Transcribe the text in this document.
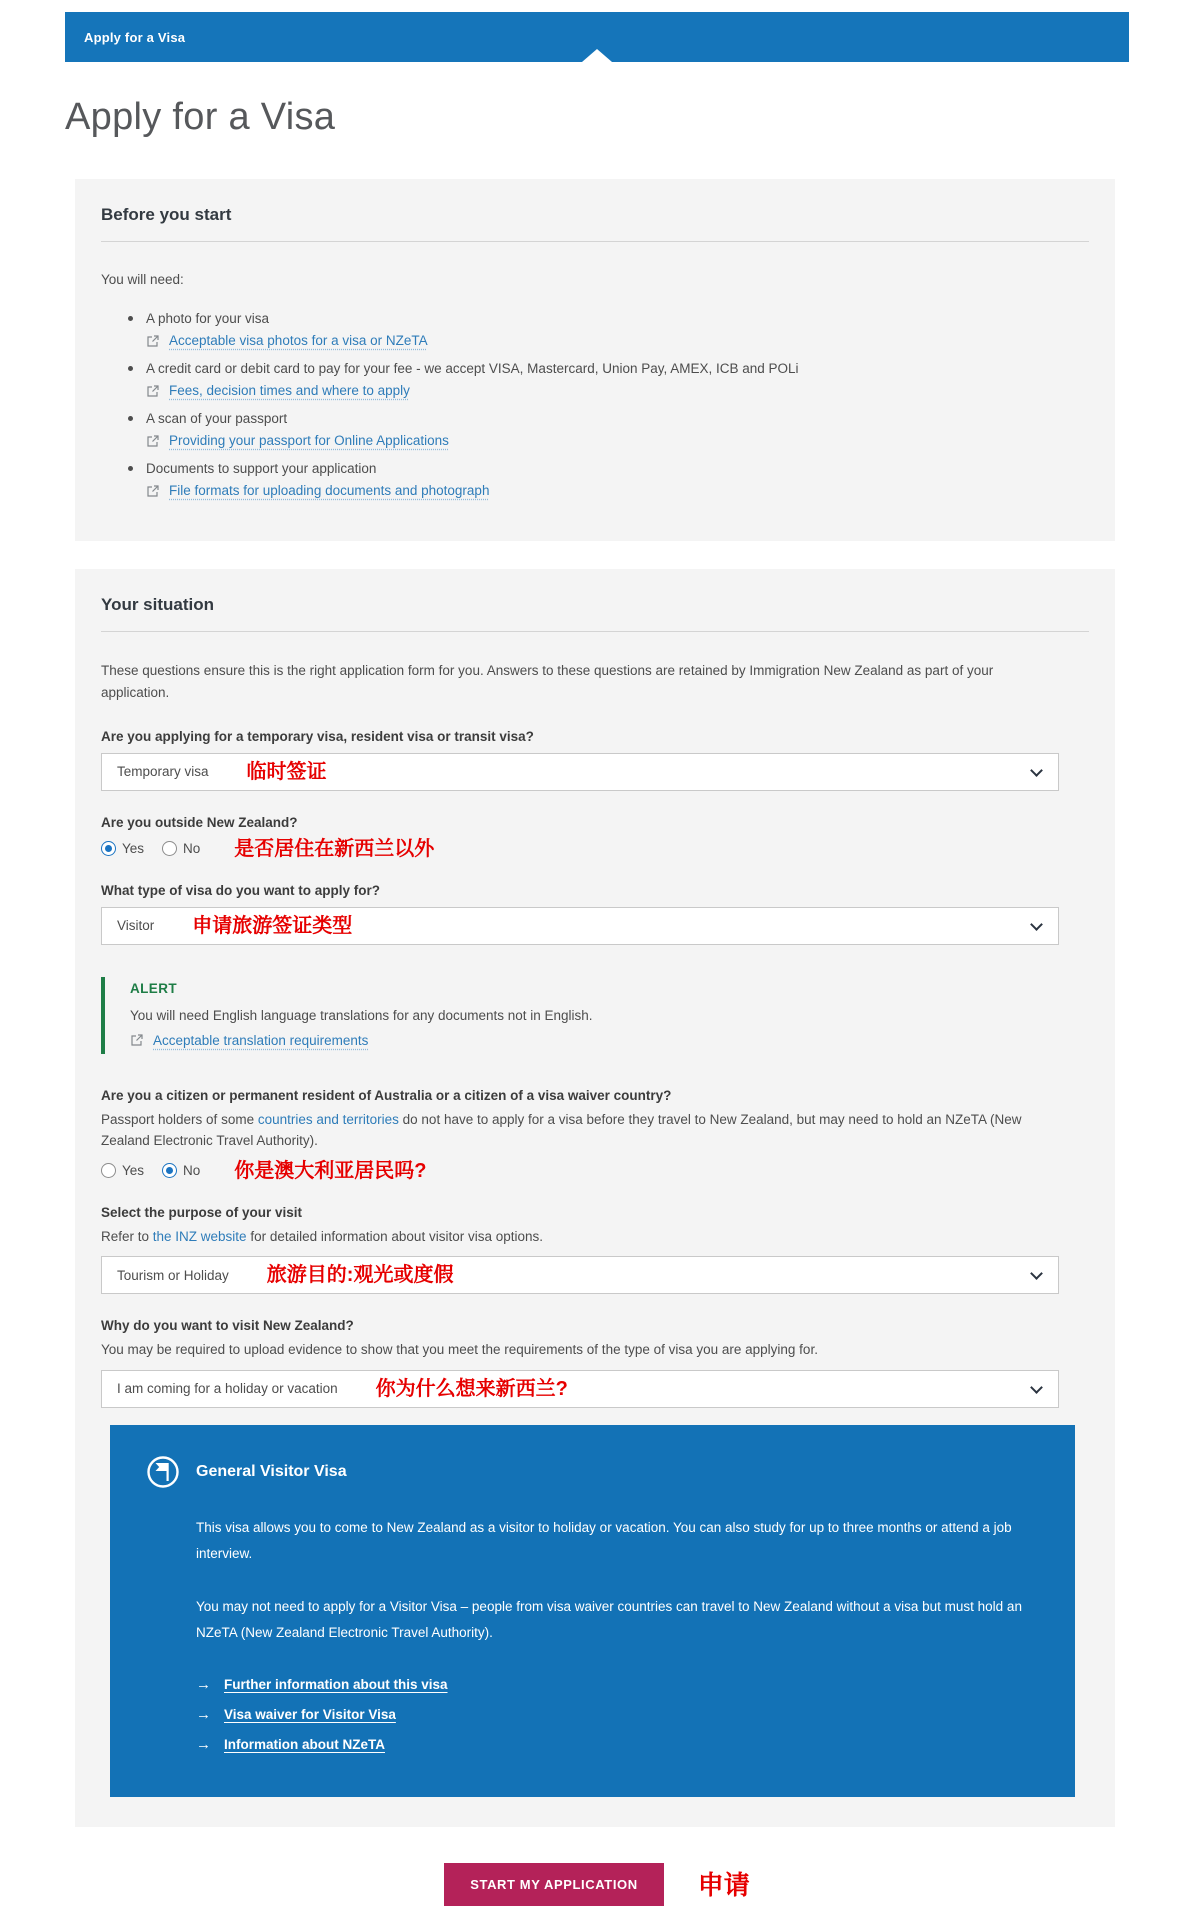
Apply for a Visa
Apply for a Visa
Before you start
You will need:
A photo for your visa
Acceptable visa photos for a visa or NZeTA
A credit card or debit card to pay for your fee - we accept VISA, Mastercard, Union Pay, AMEX, ICB and POLi
Fees, decision times and where to apply
A scan of your passport
Providing your passport for Online Applications
Documents to support your application
File formats for uploading documents and photograph
Your situation

These questions ensure this is the right application form for you. Answers to these questions are retained by Immigration New Zealand as part of your application.

Are you applying for a temporary visa, resident visa or transit visa?
Temporary visa 临时签证
Are you outside New Zealand?
Yes	No 是否居住在新西兰以外
What type of visa do you want to apply for?
Visitor 申请旅游签证类型
ALERT
You will need English language translations for any documents not in English.
Acceptable translation requirements
Are you a citizen or permanent resident of Australia or a citizen of a visa waiver country?
Passport holders of some countries and territories do not have to apply for a visa before they travel to New Zealand, but may need to hold an NZeTA (New Zealand Electronic Travel Authority).
Yes	No 你是澳大利亚居民吗?
Select the purpose of your visit
Refer to the INZ website for detailed information about visitor visa options.
Tourism or Holiday 旅游目的:观光或度假
Why do you want to visit New Zealand?
You may be required to upload evidence to show that you meet the requirements of the type of visa you are applying for.
I am coming for a holiday or vacation 你为什么想来新西兰?
General Visitor Visa

This visa allows you to come to New Zealand as a visitor to holiday or vacation. You can also study for up to three months or attend a job interview.

You may not need to apply for a Visitor Visa – people from visa waiver countries can travel to New Zealand without a visa but must hold an NZeTA (New Zealand Electronic Travel Authority).

→ Further information about this visa
→ Visa waiver for Visitor Visa
→ Information about NZeTA
START MY APPLICATION	申请
